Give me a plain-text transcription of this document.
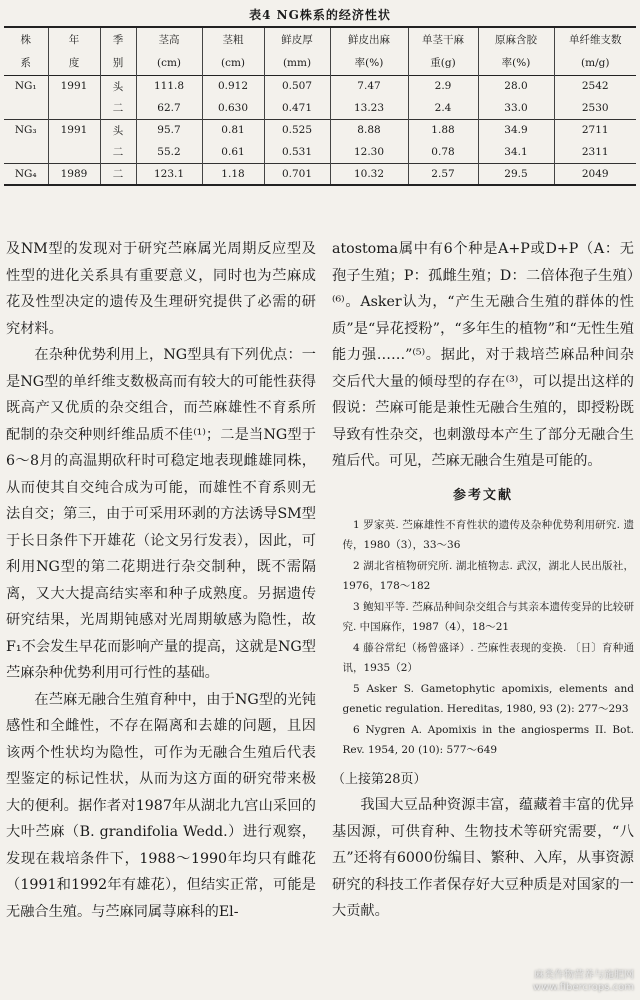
表4 NG株系的经济性状
株	年	季	茎高	茎粗	鲜皮厚	鲜皮出麻	单茎干麻	原麻含胶	单纤维支数
系	度	别	(cm)	(cm)	(mm)	率(%)	重(g)	率(%)	(m/g)
NG₁	1991	头	111.8	0.912	0.507	7.47	2.9	28.0	2542
		二	62.7	0.630	0.471	13.23	2.4	33.0	2530
NG₃	1991	头	95.7	0.81	0.525	8.88	1.88	34.9	2711
		二	55.2	0.61	0.531	12.30	0.78	34.1	2311
NG₄	1989	二	123.1	1.18	0.701	10.32	2.57	29.5	2049

及NM型的发现对于研究苎麻属光周期反应型及性型的进化关系具有重要意义，同时也为苎麻成花及性型决定的遗传及生理研究提供了必需的研究材料。

在杂种优势利用上，NG型具有下列优点：一是NG型的单纤维支数极高而有较大的可能性获得既高产又优质的杂交组合，而苎麻雄性不育系所配制的杂交种则纤维品质不佳⁽¹⁾；二是当NG型于6～8月的高温期砍秆时可稳定地表现雌雄同株，从而使其自交纯合成为可能，而雄性不育系则无法自交；第三，由于可采用环剥的方法诱导SM型于长日条件下开雄花（论文另行发表），因此，可利用NG型的第二花期进行杂交制种，既不需隔离，又大大提高结实率和种子成熟度。另据遗传研究结果，光周期钝感对光周期敏感为隐性，故F₁不会发生早花而影响产量的提高，这就是NG型苎麻杂种优势利用可行性的基础。

在苎麻无融合生殖育种中，由于NG型的光钝感性和全雌性，不存在隔离和去雄的问题，且因该两个性状均为隐性，可作为无融合生殖后代表型鉴定的标记性状，从而为这方面的研究带来极大的便利。据作者对1987年从湖北九宫山采回的大叶苎麻（B. grandifolia Wedd.）进行观察，发现在栽培条件下，1988～1990年均只有雌花（1991和1992年有雄花），但结实正常，可能是无融合生殖。与苎麻同属荨麻科的El-

atostoma属中有6个种是A+P或D+P（A：无孢子生殖；P：孤雌生殖；D：二倍体孢子生殖）⁽⁶⁾。Asker认为，“产生无融合生殖的群体的性质”是“异花授粉”，“多年生的植物”和“无性生殖能力强……”⁽⁵⁾。据此，对于栽培苎麻品种间杂交后代大量的倾母型的存在⁽³⁾，可以提出这样的假说：苎麻可能是兼性无融合生殖的，即授粉既导致有性杂交，也刺激母本产生了部分无融合生殖后代。可见，苎麻无融合生殖是可能的。

参考文献
1 罗家英. 苎麻雄性不育性状的遗传及杂种优势利用研究. 遗传，1980（3），33～36
2 湖北省植物研究所. 湖北植物志. 武汉，湖北人民出版社，1976，178～182
3 鲍知平等. 苎麻品种间杂交组合与其亲本遗传变异的比较研究. 中国麻作，1987（4），18～21
4 藤谷常纪（杨曾盛译）. 苎麻性表现的变换. 〔日〕育种通讯，1935（2）
5 Asker S. Gametophytic apomixis, elements and genetic regulation. Hereditas, 1980, 93 (2): 277～293
6 Nygren A. Apomixis in the angiosperms II. Bot. Rev. 1954, 20 (10): 577～649
（上接第28页）

我国大豆品种资源丰富，蕴藏着丰富的优异基因源，可供育种、生物技术等研究需要，“八五”还将有6000份编目、繁种、入库，从事资源研究的科技工作者保存好大豆种质是对国家的一大贡献。

麻类作物营养与施肥网
www.fibercrops.com
